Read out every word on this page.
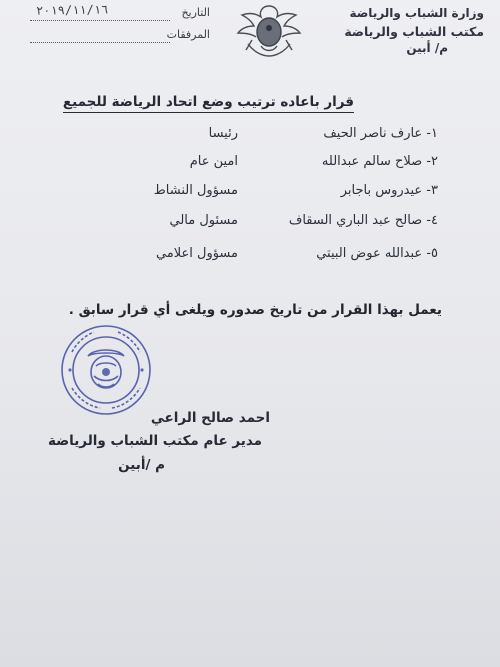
وزارة الشباب والرياضة
مكتب الشباب والرياضة
م/ أبين
التاريخ
٢٠١٩/١١/١٦
المرفقات
قرار باعاده ترتيب وضع اتحاد الرياضة للجميع
١- عارف ناصر الحيف
رئيسا
٢- صلاح سالم عبدالله
امين عام
٣- عيدروس باجابر
مسؤول النشاط
٤- صالح عبد الباري السقاف
مسئول مالي
٥- عبدالله عوض البيتي
مسؤول اعلامي
يعمل بهذا القرار من تاريخ صدوره ويلغى أي قرار سابق .
احمد صالح الراعي
مدير عام مكتب الشباب والرياضة
م /أبين
